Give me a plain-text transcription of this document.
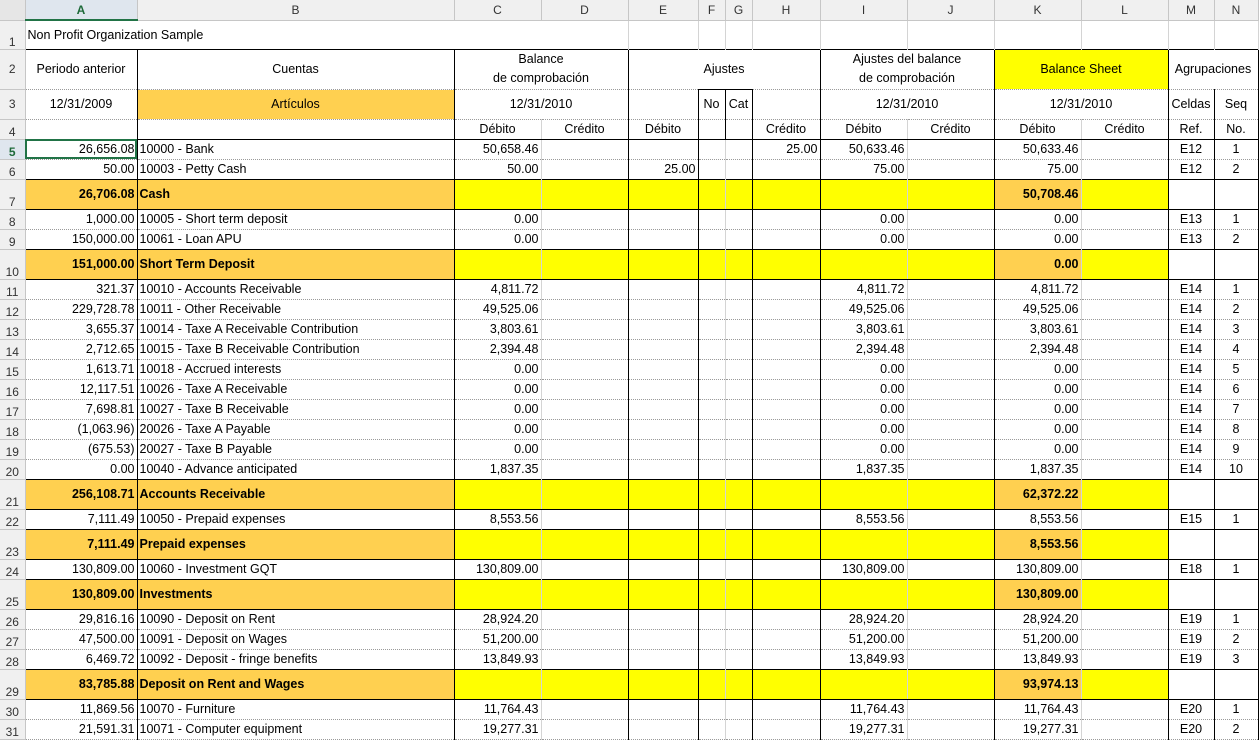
	A	B	C	D	E	F	G	H	I	J	K	L	M	N
1	Non Profit Organization Sample													
2	Periodo anterior	Cuentas	Balance
de comprobación		Ajustes				Ajustes del balance
de comprobación		Balance Sheet		Agrupaciones	
3	12/31/2009	Artículos	12/31/2010			No	Cat		12/31/2010		12/31/2010		Celdas	Seq
4			Débito	Crédito	Débito			Crédito	Débito	Crédito	Débito	Crédito	Ref.	No.
5	26,656.08	10000 - Bank	50,658.46					25.00	50,633.46		50,633.46		E12	1
6	50.00	10003 - Petty Cash	50.00		25.00				75.00		75.00		E12	2
7	26,706.08	Cash									50,708.46			
8	1,000.00	10005 - Short term deposit	0.00						0.00		0.00		E13	1
9	150,000.00	10061 - Loan APU	0.00						0.00		0.00		E13	2
10	151,000.00	Short Term Deposit									0.00			
11	321.37	10010 - Accounts Receivable	4,811.72						4,811.72		4,811.72		E14	1
12	229,728.78	10011 - Other Receivable	49,525.06						49,525.06		49,525.06		E14	2
13	3,655.37	10014 - Taxe A Receivable Contribution	3,803.61						3,803.61		3,803.61		E14	3
14	2,712.65	10015 - Taxe B Receivable Contribution	2,394.48						2,394.48		2,394.48		E14	4
15	1,613.71	10018 - Accrued interests	0.00						0.00		0.00		E14	5
16	12,117.51	10026 - Taxe A Receivable	0.00						0.00		0.00		E14	6
17	7,698.81	10027 - Taxe B Receivable	0.00						0.00		0.00		E14	7
18	(1,063.96)	20026 - Taxe A Payable	0.00						0.00		0.00		E14	8
19	(675.53)	20027 - Taxe B Payable	0.00						0.00		0.00		E14	9
20	0.00	10040 - Advance anticipated	1,837.35						1,837.35		1,837.35		E14	10
21	256,108.71	Accounts Receivable									62,372.22			
22	7,111.49	10050 - Prepaid expenses	8,553.56						8,553.56		8,553.56		E15	1
23	7,111.49	Prepaid expenses									8,553.56			
24	130,809.00	10060 - Investment GQT	130,809.00						130,809.00		130,809.00		E18	1
25	130,809.00	Investments									130,809.00			
26	29,816.16	10090 - Deposit on Rent	28,924.20						28,924.20		28,924.20		E19	1
27	47,500.00	10091 - Deposit on Wages	51,200.00						51,200.00		51,200.00		E19	2
28	6,469.72	10092 - Deposit - fringe benefits	13,849.93						13,849.93		13,849.93		E19	3
29	83,785.88	Deposit on Rent and Wages									93,974.13			
30	11,869.56	10070 - Furniture	11,764.43						11,764.43		11,764.43		E20	1
31	21,591.31	10071 - Computer equipment	19,277.31						19,277.31		19,277.31		E20	2
